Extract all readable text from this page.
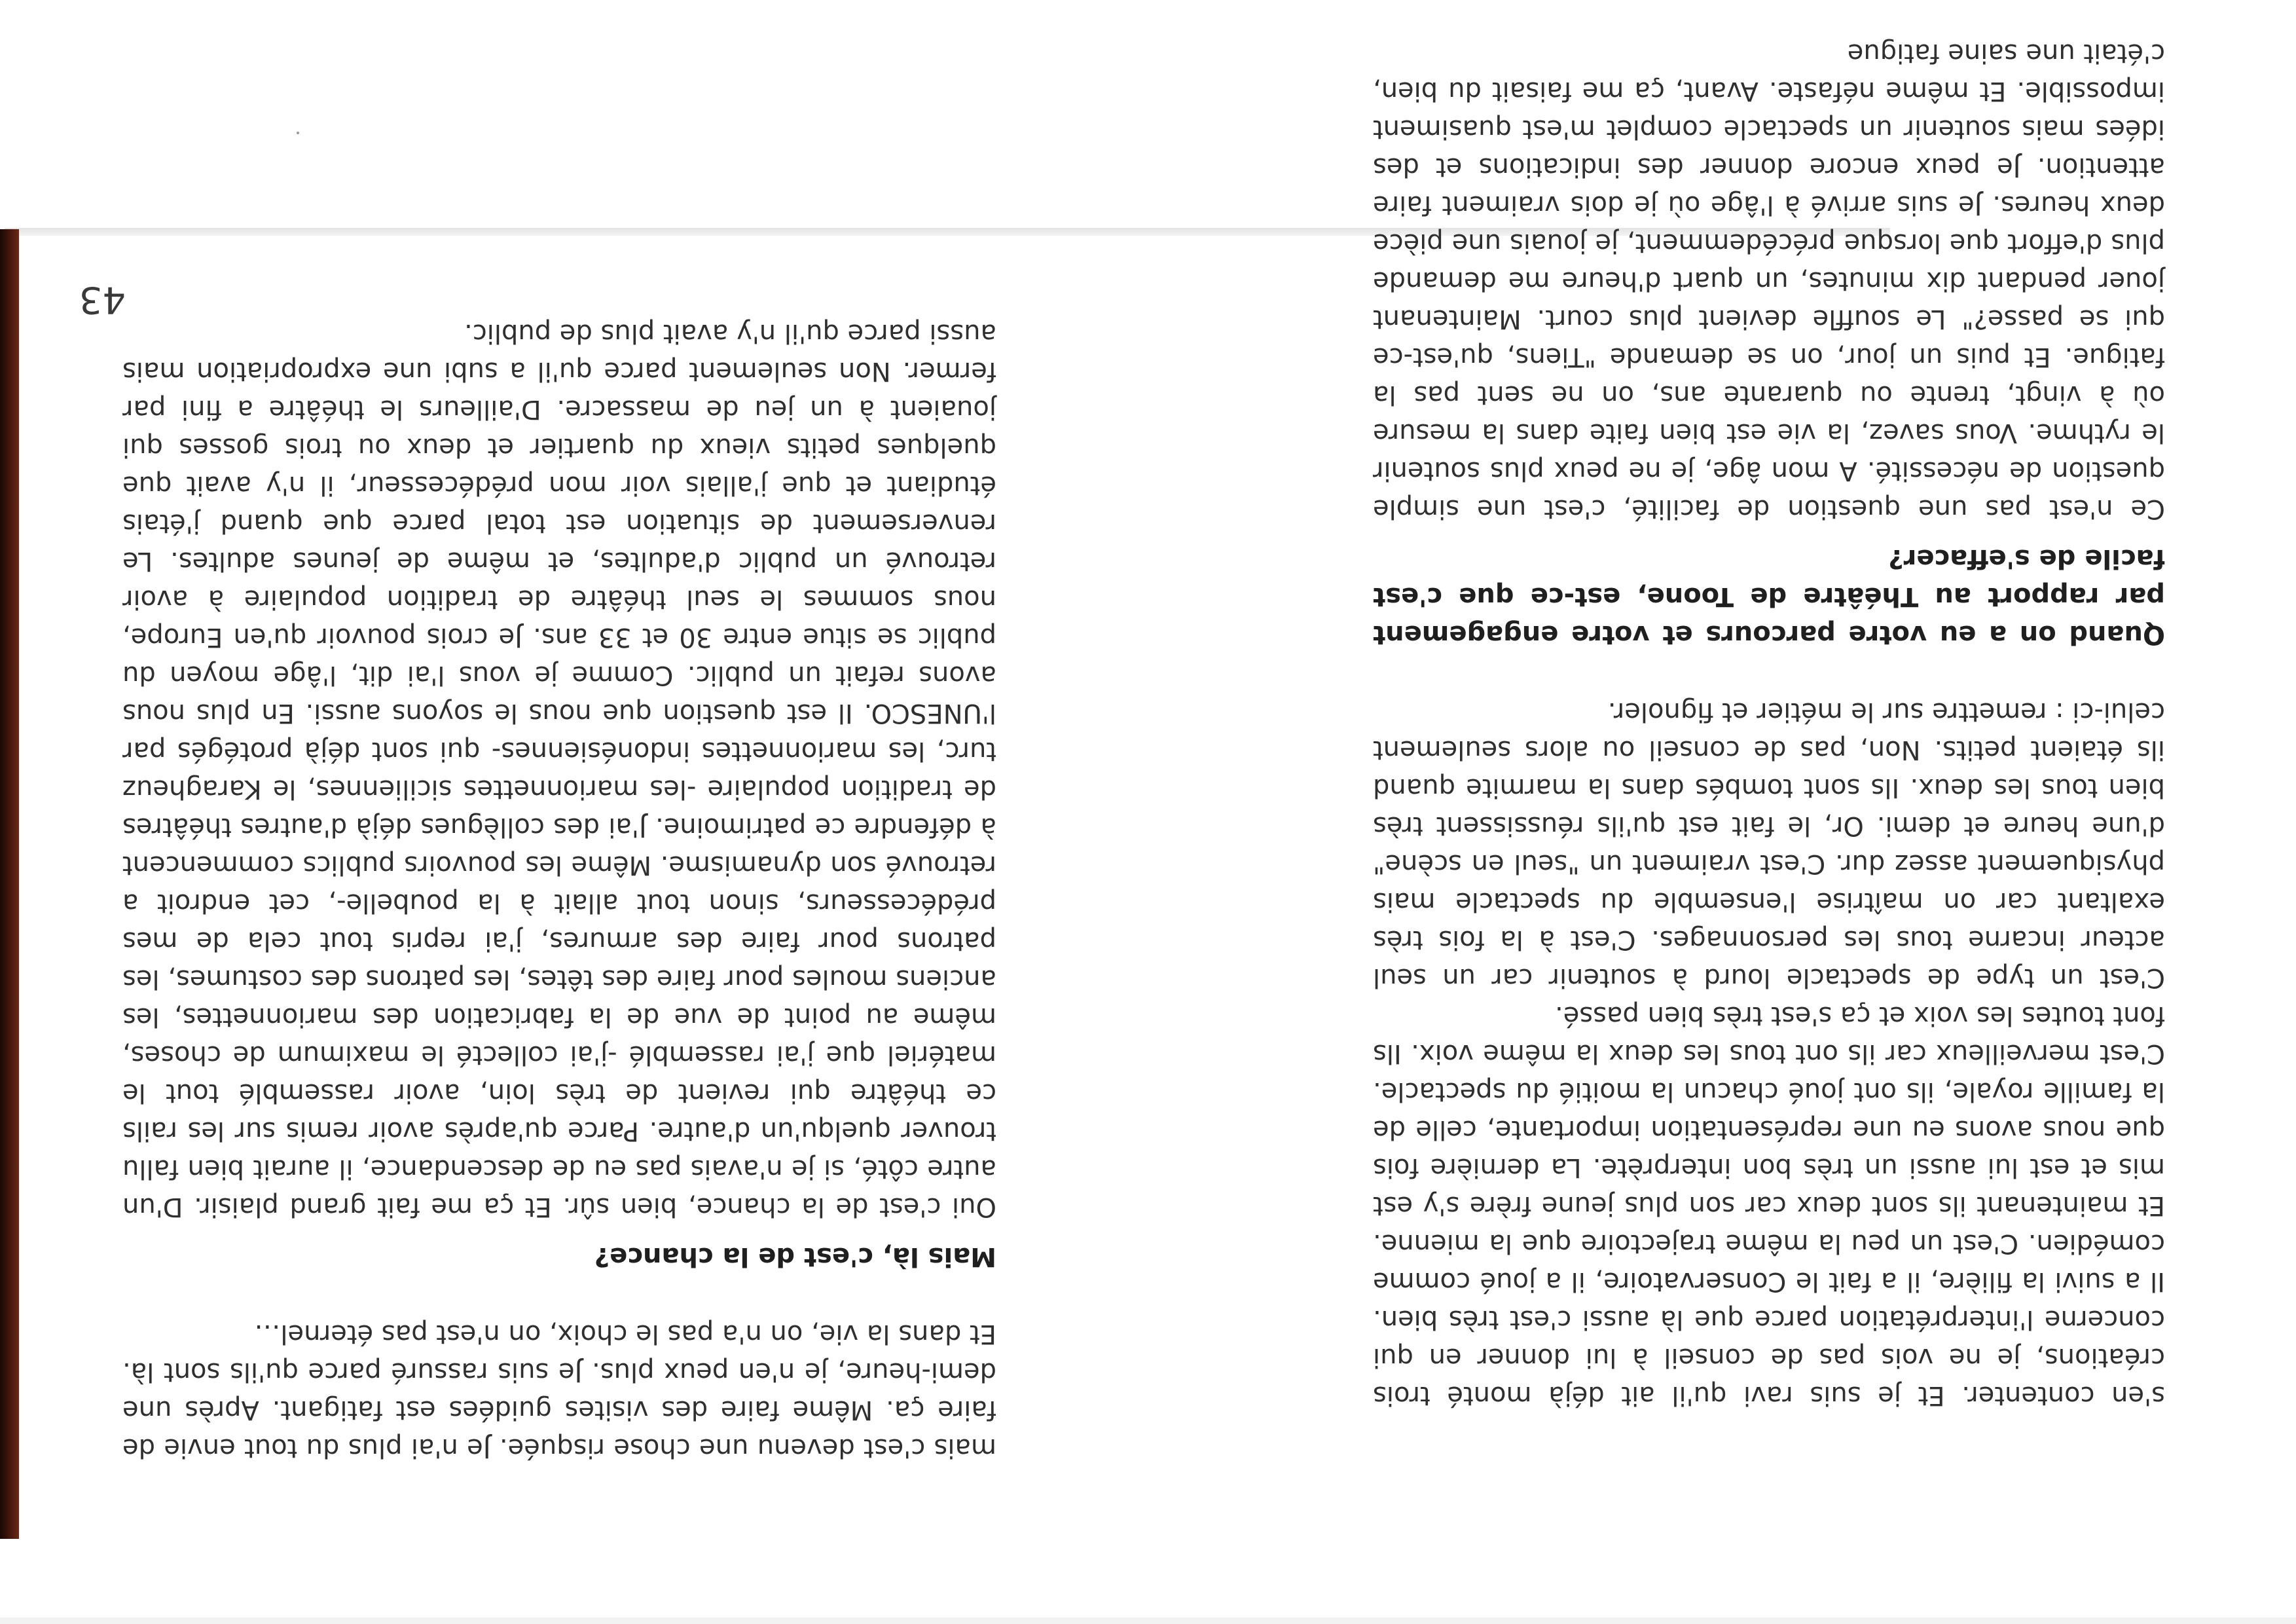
s'en contenter. Et je suis ravi qu'il ait déjà monté trois créations, je ne vois pas de conseil à lui donner en qui concerne l'interprétation parce que là aussi c'est très bien. Il a suivi la filière, il a fait le Conservatoire, il a joué comme comédien. C'est un peu la même trajectoire que la mienne. Et maintenant ils sont deux car son plus jeune frère s'y est mis et est lui aussi un très bon interprète. La dernière fois que nous avons eu une représentation importante, celle de la famille royale, ils ont joué chacun la moitié du spectacle. C'est merveilleux car ils ont tous les deux la même voix. Ils font toutes les voix et ça s'est très bien passé.

C'est un type de spectacle lourd à soutenir car un seul acteur incarne tous les personnages. C'est à la fois très exaltant car on maîtrise l'ensemble du spectacle mais physiquement assez dur. C'est vraiment un "seul en scène" d'une heure et demi. Or, le fait est qu'ils réussissent très bien tous les deux. Ils sont tombés dans la marmite quand ils étaient petits. Non, pas de conseil ou alors seulement celui-ci : remettre sur le métier et fignoler.

Quand on a eu votre parcours et votre engagement par rapport au Théâtre de Toone, est-ce que c'est facile de s'effacer?

Ce n'est pas une question de facilité, c'est une simple question de nécessité. A mon âge, je ne peux plus soutenir le rythme. Vous savez, la vie est bien faite dans la mesure où à vingt, trente ou quarante ans, on ne sent pas la fatigue. Et puis un jour, on se demande "Tiens, qu'est-ce qui se passe?" Le souffle devient plus court. Maintenant jouer pendant dix minutes, un quart d'heure me demande plus d'effort que lorsque précédemment, je jouais une pièce deux heures. Je suis arrivé à l'âge où je dois vraiment faire attention. Je peux encore donner des indications et des idées mais soutenir un spectacle complet m'est quasiment impossible. Et même néfaste. Avant, ça me faisait du bien, c'était une saine fatigue

mais c'est devenu une chose risquée. Je n'ai plus du tout envie de faire ça. Même faire des visites guidées est fatigant. Après une demi-heure, je n'en peux plus. Je suis rassuré parce qu'ils sont là. Et dans la vie, on n'a pas le choix, on n'est pas éternel…

Mais là, c'est de la chance?

Oui c'est de la chance, bien sûr. Et ça me fait grand plaisir. D'un autre côté, si je n'avais pas eu de descendance, il aurait bien fallu trouver quelqu'un d'autre. Parce qu'après avoir remis sur les rails ce théâtre qui revient de très loin, avoir rassemblé tout le matériel que j'ai rassemblé -j'ai collecté le maximum de choses, même au point de vue de la fabrication des marionnettes, les anciens moules pour faire des têtes, les patrons des costumes, les patrons pour faire des armures, j'ai repris tout cela de mes prédécesseurs, sinon tout allait à la poubelle-, cet endroit a retrouvé son dynamisme. Même les pouvoirs publics commencent à défendre ce patrimoine. J'ai des collègues déjà d'autres théâtres de tradition populaire -les marionnettes siciliennes, le Karagheuz turc, les marionnettes indonésiennes- qui sont déjà protégés par l'UNESCO. Il est question que nous le soyons aussi. En plus nous avons refait un public. Comme je vous l'ai dit, l'âge moyen du public se situe entre 30 et 33 ans. Je crois pouvoir qu'en Europe, nous sommes le seul théâtre de tradition populaire à avoir retrouvé un public d'adultes, et même de jeunes adultes. Le renversement de situation est total parce que quand j'étais étudiant et que j'allais voir mon prédécesseur, il n'y avait que quelques petits vieux du quartier et deux ou trois gosses qui jouaient à un jeu de massacre. D'ailleurs le théâtre a fini par fermer. Non seulement parce qu'il a subi une expropriation mais aussi parce qu'il n'y avait plus de public.

43
